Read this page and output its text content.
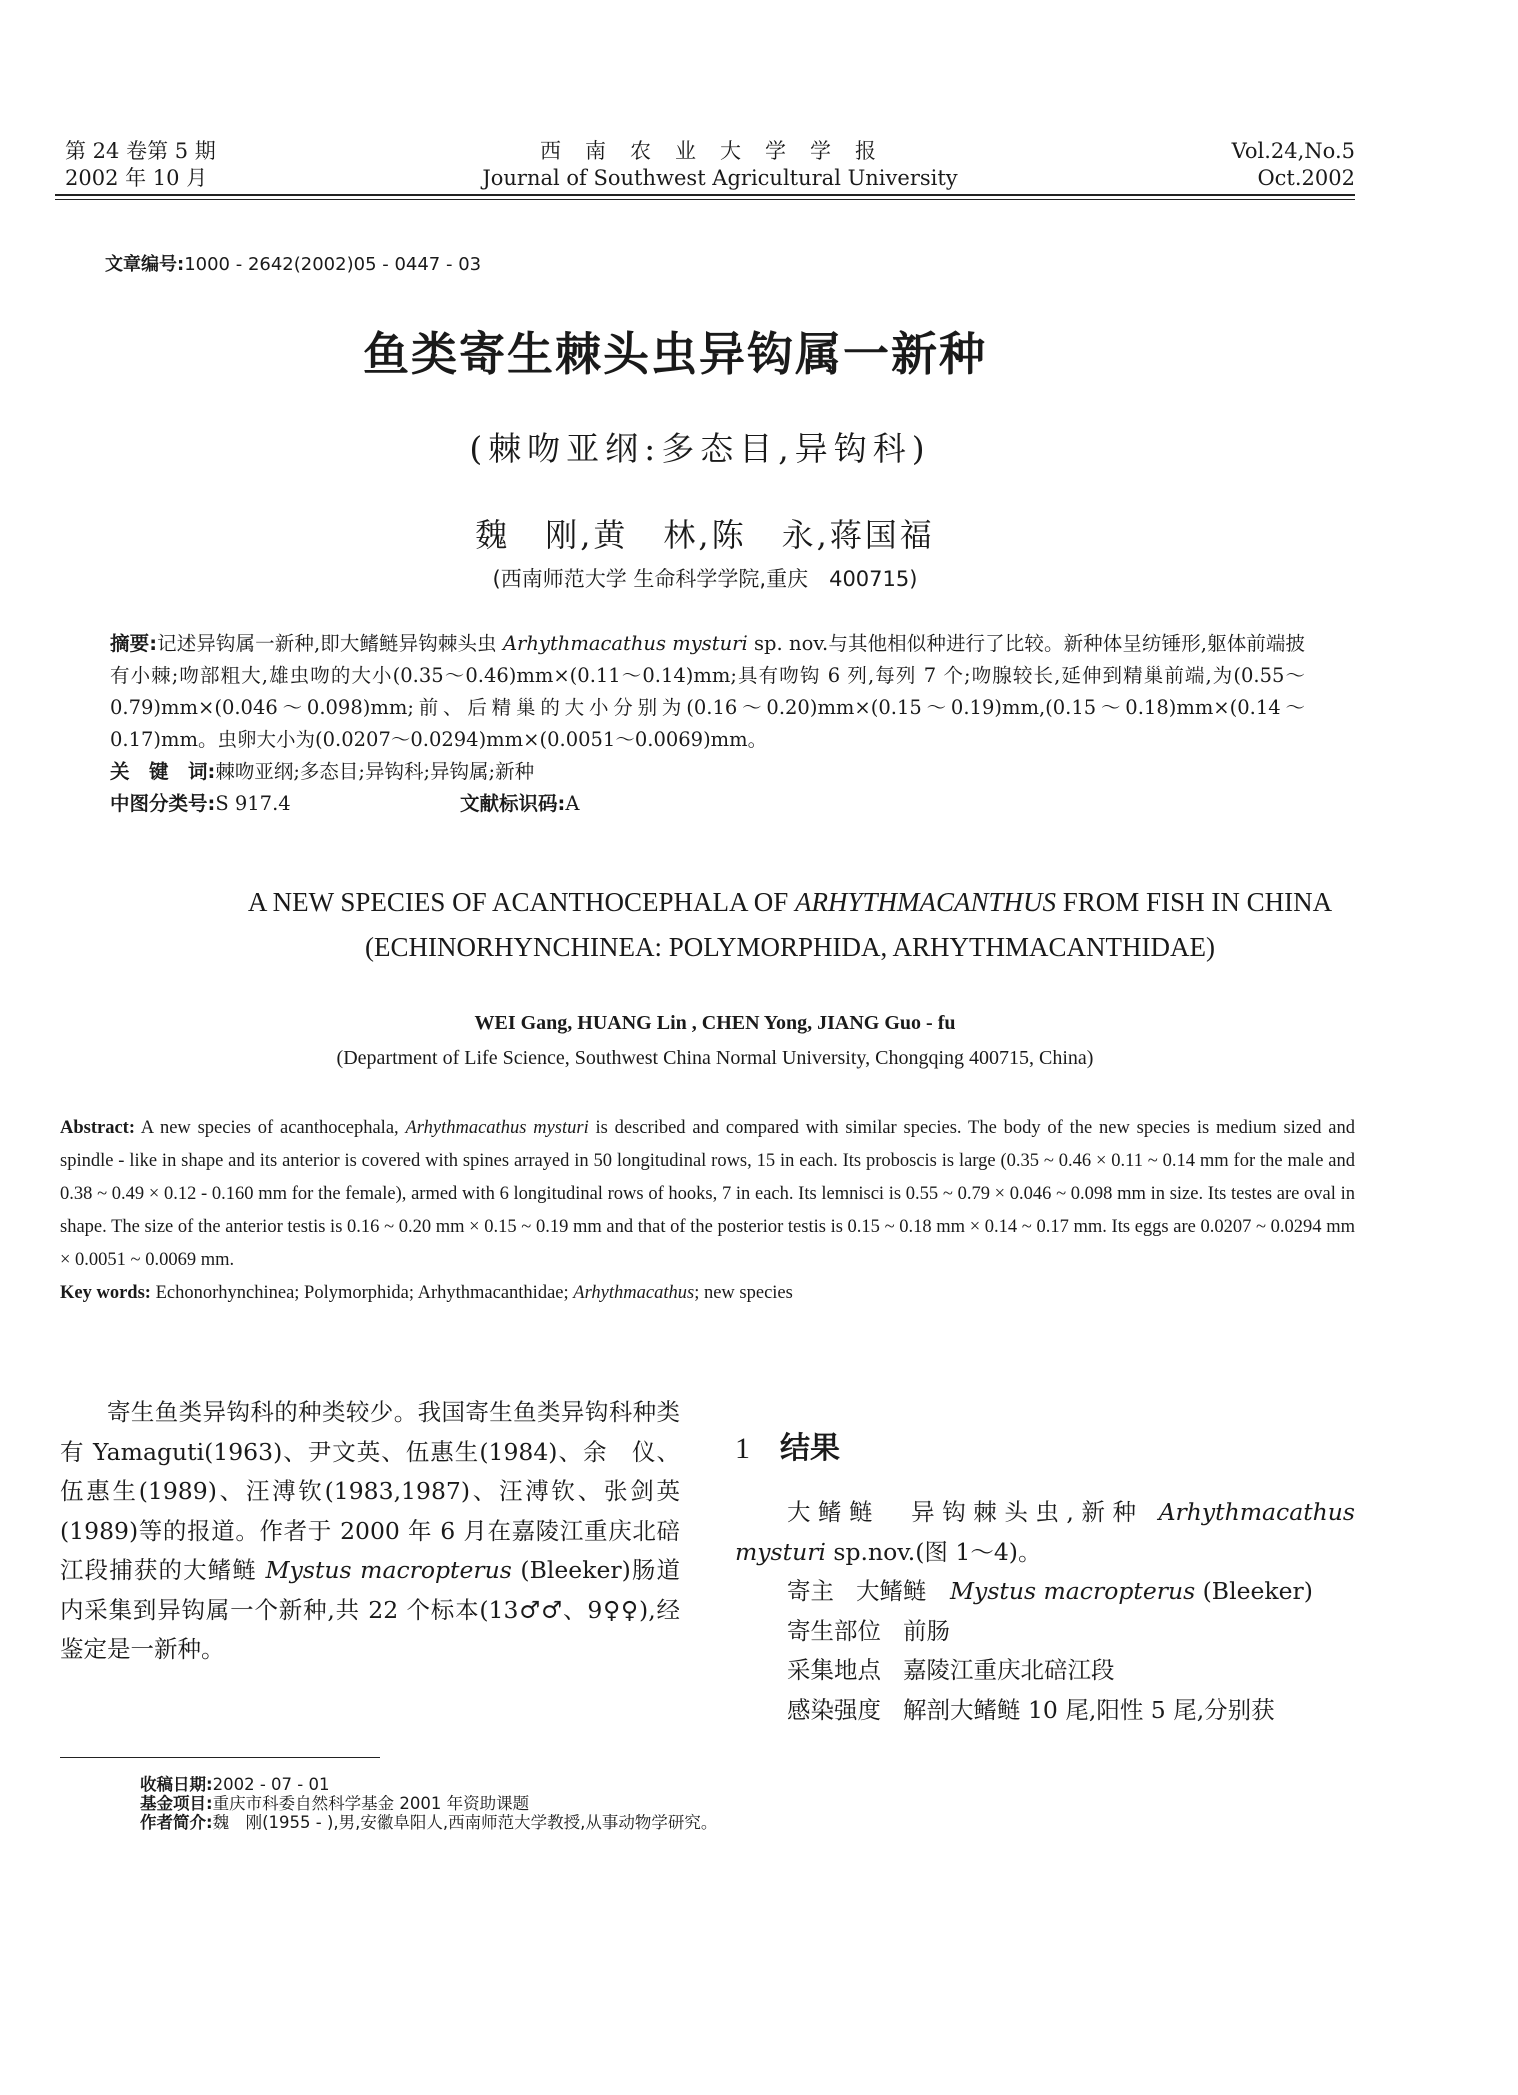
第 24 卷第 5 期
2002 年 10 月
西南农业大学学报
Journal of Southwest Agricultural University
Vol.24,No.5
Oct.2002
文章编号:1000 - 2642(2002)05 - 0447 - 03
鱼类寄生棘头虫异钩属一新种
(棘吻亚纲:多态目,异钩科)
魏　刚,黄　林,陈　永,蒋国福
(西南师范大学 生命科学学院,重庆　400715)

摘要:记述异钩属一新种,即大鳍鲢异钩棘头虫 Arhythmacathus mysturi sp. nov.与其他相似种进行了比较。新种体呈纺锤形,躯体前端披有小棘;吻部粗大,雄虫吻的大小(0.35～0.46)mm×(0.11～0.14)mm;具有吻钩 6 列,每列 7 个;吻腺较长,延伸到精巢前端,为(0.55～0.79)mm×(0.046～0.098)mm;前、后精巢的大小分别为(0.16～0.20)mm×(0.15～0.19)mm,(0.15～0.18)mm×(0.14～0.17)mm。虫卵大小为(0.0207～0.0294)mm×(0.0051～0.0069)mm。

关　键　词:棘吻亚纲;多态目;异钩科;异钩属;新种

中图分类号:S 917.4	文献标识码:A

A NEW SPECIES OF ACANTHOCEPHALA OF ARHYTHMACANTHUS FROM FISH IN CHINA
(ECHINORHYNCHINEA: POLYMORPHIDA, ARHYTHMACANTHIDAE)
WEI Gang, HUANG Lin , CHEN Yong, JIANG Guo - fu
(Department of Life Science, Southwest China Normal University, Chongqing 400715, China)

Abstract: A new species of acanthocephala, Arhythmacathus mysturi is described and compared with similar species. The body of the new species is medium sized and spindle - like in shape and its anterior is covered with spines arrayed in 50 longitudinal rows, 15 in each. Its proboscis is large (0.35 ~ 0.46 × 0.11 ~ 0.14 mm for the male and 0.38 ~ 0.49 × 0.12 - 0.160 mm for the female), armed with 6 longitudinal rows of hooks, 7 in each. Its lemnisci is 0.55 ~ 0.79 × 0.046 ~ 0.098 mm in size. Its testes are oval in shape. The size of the anterior testis is 0.16 ~ 0.20 mm × 0.15 ~ 0.19 mm and that of the posterior testis is 0.15 ~ 0.18 mm × 0.14 ~ 0.17 mm. Its eggs are 0.0207 ~ 0.0294 mm × 0.0051 ~ 0.0069 mm.

Key words: Echonorhynchinea; Polymorphida; Arhythmacanthidae; Arhythmacathus; new species

寄生鱼类异钩科的种类较少。我国寄生鱼类异钩科种类有 Yamaguti(1963)、尹文英、伍惠生(1984)、余　仪、伍惠生(1989)、汪溥钦(1983,1987)、汪溥钦、张剑英(1989)等的报道。作者于 2000 年 6 月在嘉陵江重庆北碚江段捕获的大鳍鲢 Mystus macropterus (Bleeker)肠道内采集到异钩属一个新种,共 22 个标本(13♂♂、9♀♀),经鉴定是一新种。
1 结果

大鳍鲢　异钩棘头虫,新种 Arhythmacathus mysturi sp.nov.(图 1～4)。

寄主 大鳍鲢　 Mystus macropterus (Bleeker)

寄生部位 前肠

采集地点 嘉陵江重庆北碚江段

感染强度 解剖大鳍鲢 10 尾,阳性 5 尾,分别获

收稿日期:2002 - 07 - 01

基金项目:重庆市科委自然科学基金 2001 年资助课题

作者简介:魏　刚(1955 - ),男,安徽阜阳人,西南师范大学教授,从事动物学研究。
